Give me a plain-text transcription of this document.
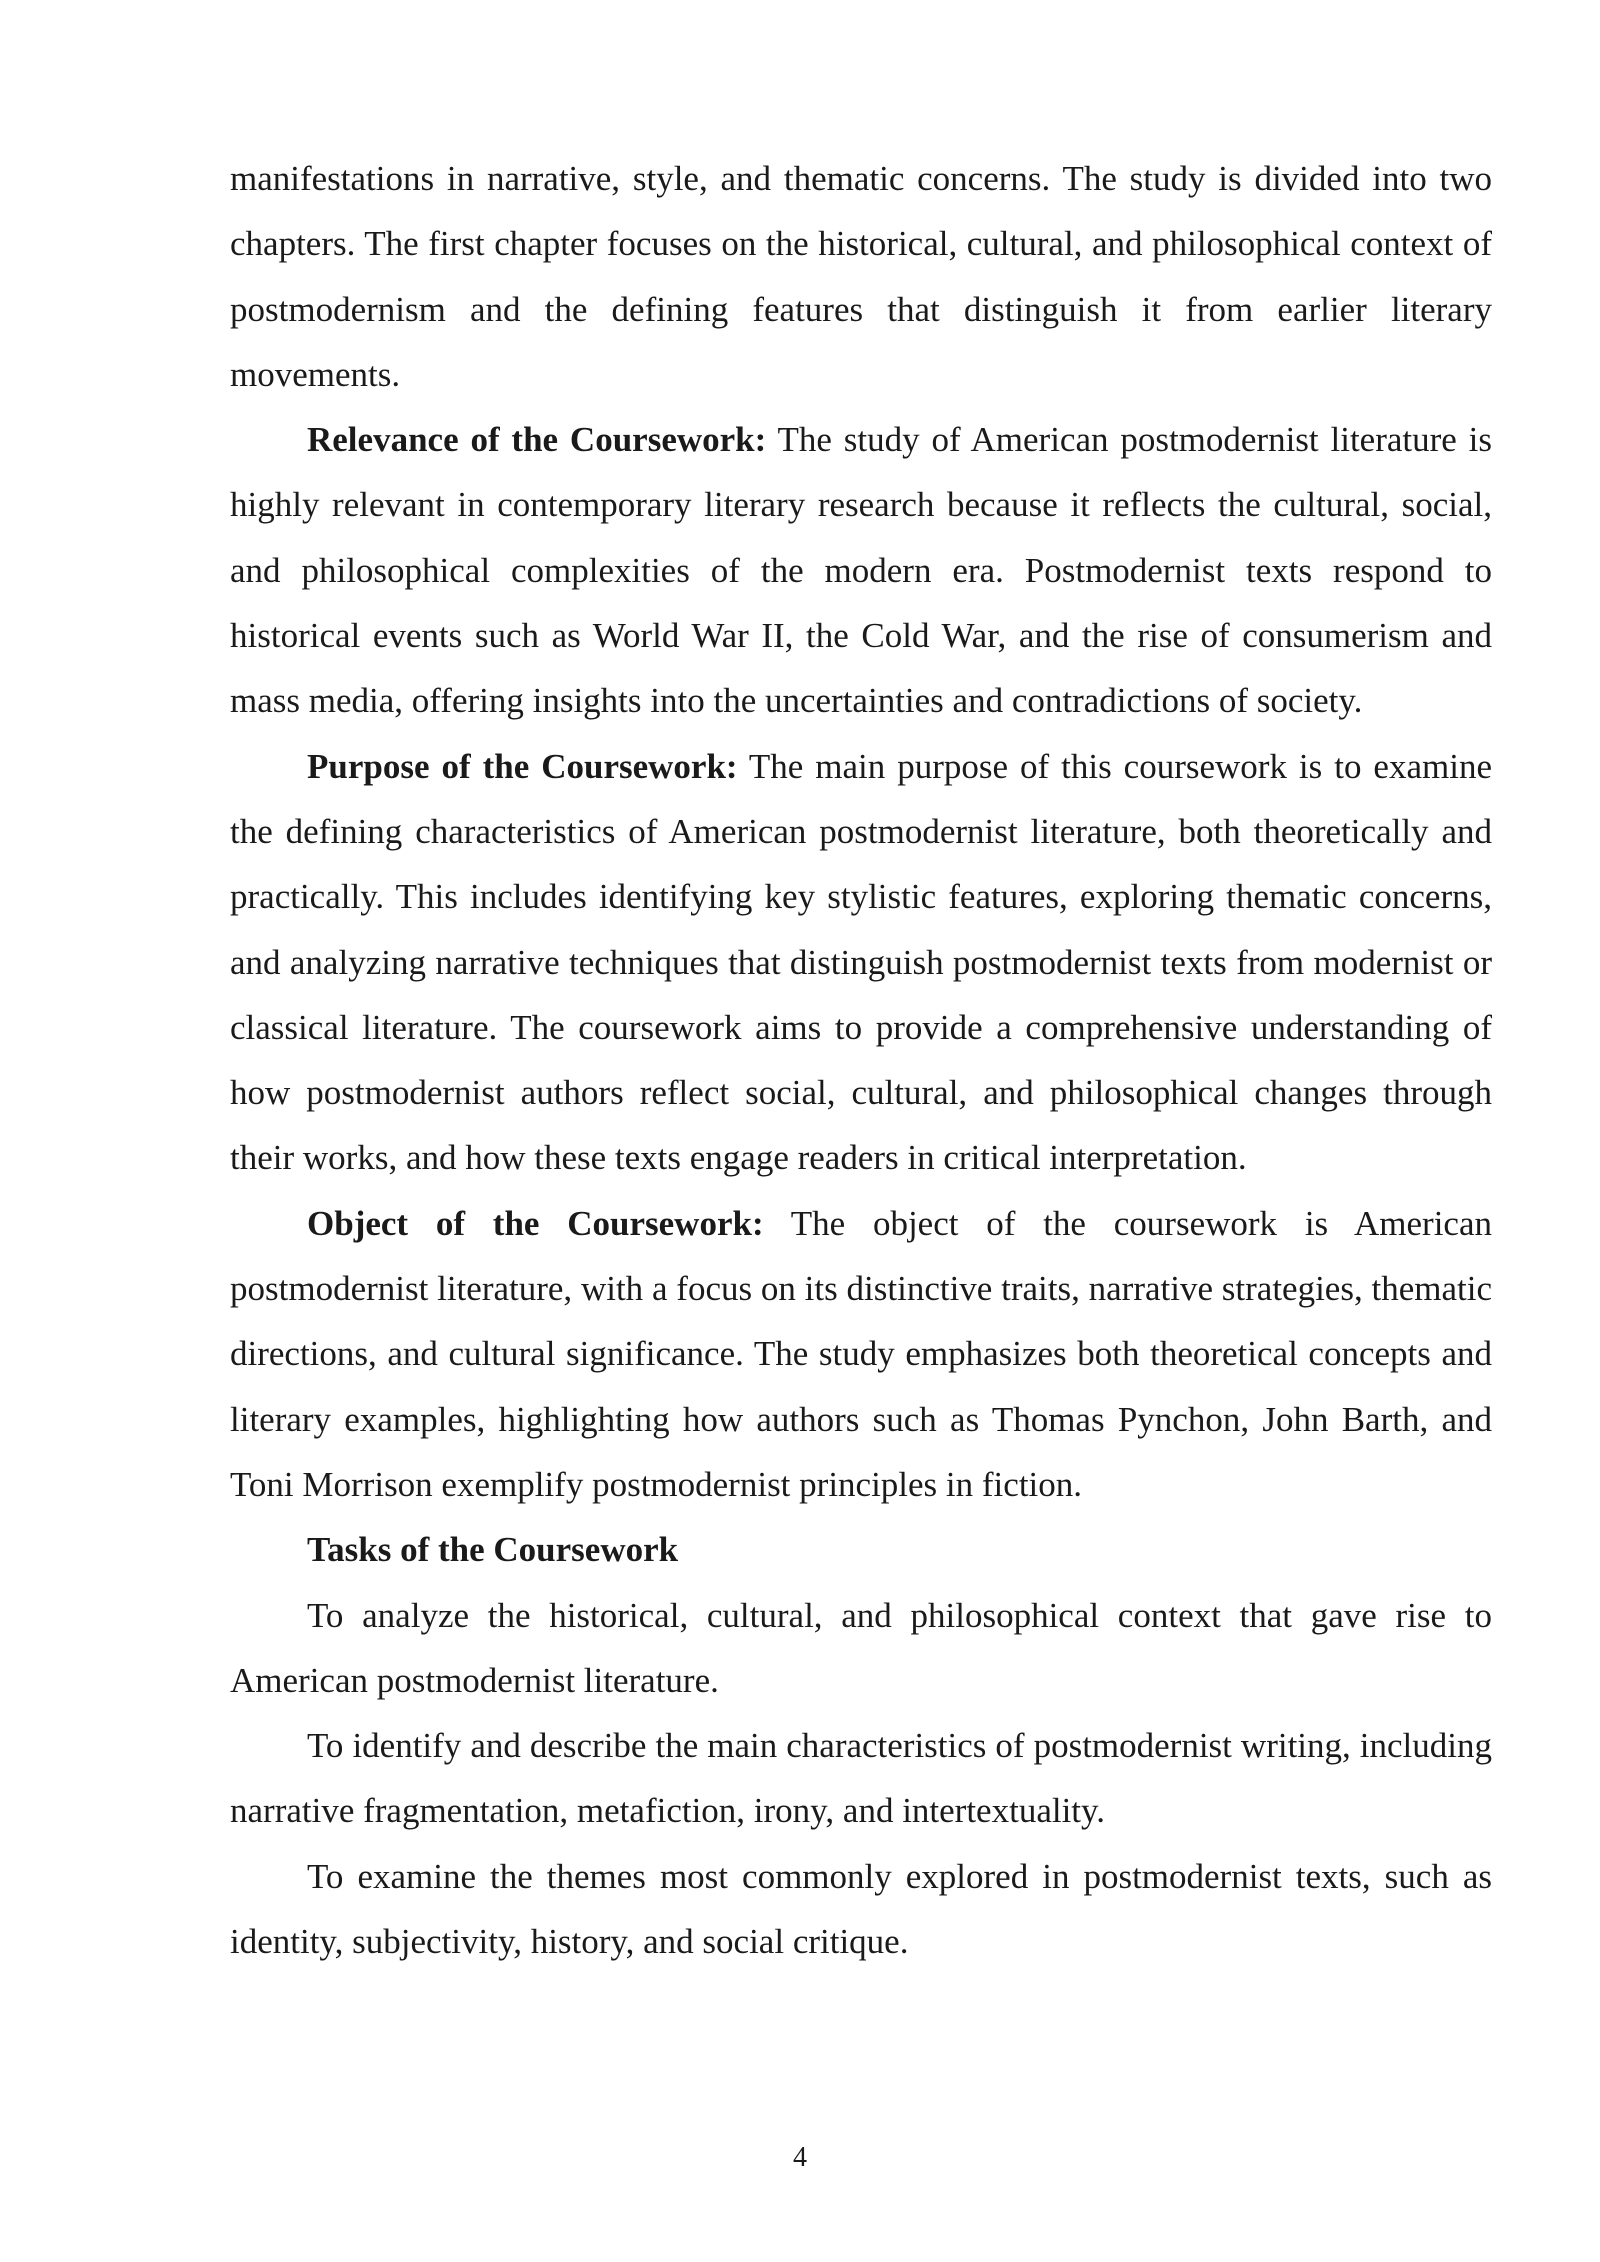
manifestations in narrative, style, and thematic concerns. The study is divided into two chapters. The first chapter focuses on the historical, cultural, and philosophical context of postmodernism and the defining features that distinguish it from earlier literary movements.

Relevance of the Coursework: The study of American postmodernist literature is highly relevant in contemporary literary research because it reflects the cultural, social, and philosophical complexities of the modern era. Postmodernist texts respond to historical events such as World War II, the Cold War, and the rise of consumerism and mass media, offering insights into the uncertainties and contradictions of society.

Purpose of the Coursework: The main purpose of this coursework is to examine the defining characteristics of American postmodernist literature, both theoretically and practically. This includes identifying key stylistic features, exploring thematic concerns, and analyzing narrative techniques that distinguish postmodernist texts from modernist or classical literature. The coursework aims to provide a comprehensive understanding of how postmodernist authors reflect social, cultural, and philosophical changes through their works, and how these texts engage readers in critical interpretation.

Object of the Coursework: The object of the coursework is American postmodernist literature, with a focus on its distinctive traits, narrative strategies, thematic directions, and cultural significance. The study emphasizes both theoretical concepts and literary examples, highlighting how authors such as Thomas Pynchon, John Barth, and Toni Morrison exemplify postmodernist principles in fiction.

Tasks of the Coursework

To analyze the historical, cultural, and philosophical context that gave rise to American postmodernist literature.

To identify and describe the main characteristics of postmodernist writing, including narrative fragmentation, metafiction, irony, and intertextuality.

To examine the themes most commonly explored in postmodernist texts, such as identity, subjectivity, history, and social critique.

4
